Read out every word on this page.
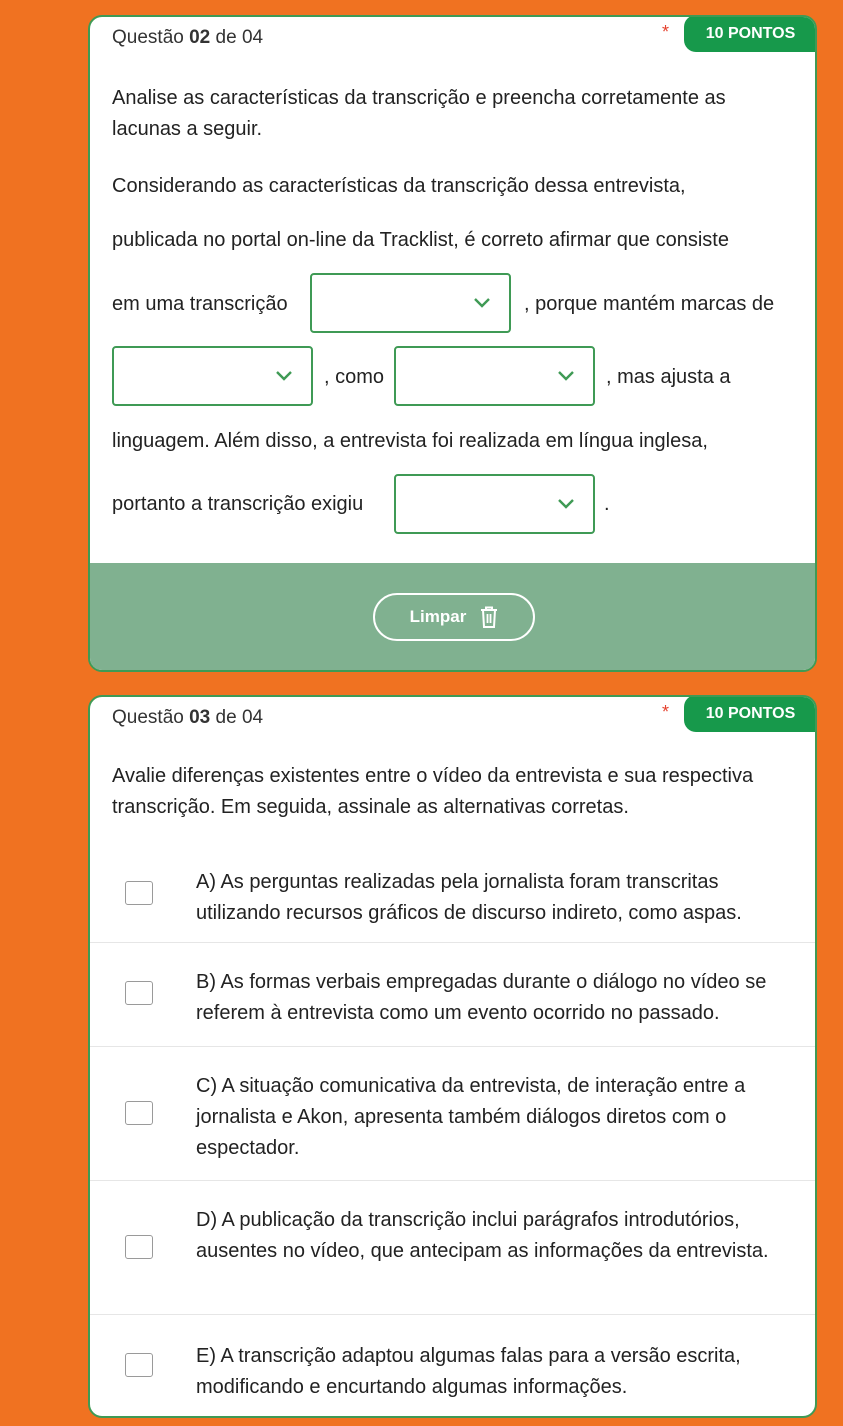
Questão 02 de 04	*	10 PONTOS
Analise as características da transcrição e preencha corretamente as lacunas a seguir.
Considerando as características da transcrição dessa entrevista,
publicada no portal on-line da Tracklist, é correto afirmar que consiste
em uma transcrição	, porque mantém marcas de
, como	, mas ajusta a
linguagem. Além disso, a entrevista foi realizada em língua inglesa,
portanto a transcrição exigiu	.
Limpar
Questão 03 de 04	*	10 PONTOS
Avalie diferenças existentes entre o vídeo da entrevista e sua respectiva transcrição. Em seguida, assinale as alternativas corretas.
A) As perguntas realizadas pela jornalista foram transcritas utilizando recursos gráficos de discurso indireto, como aspas.
B) As formas verbais empregadas durante o diálogo no vídeo se referem à entrevista como um evento ocorrido no passado.
C) A situação comunicativa da entrevista, de interação entre a jornalista e Akon, apresenta também diálogos diretos com o espectador.
D) A publicação da transcrição inclui parágrafos introdutórios, ausentes no vídeo, que antecipam as informações da entrevista.
E) A transcrição adaptou algumas falas para a versão escrita, modificando e encurtando algumas informações.
